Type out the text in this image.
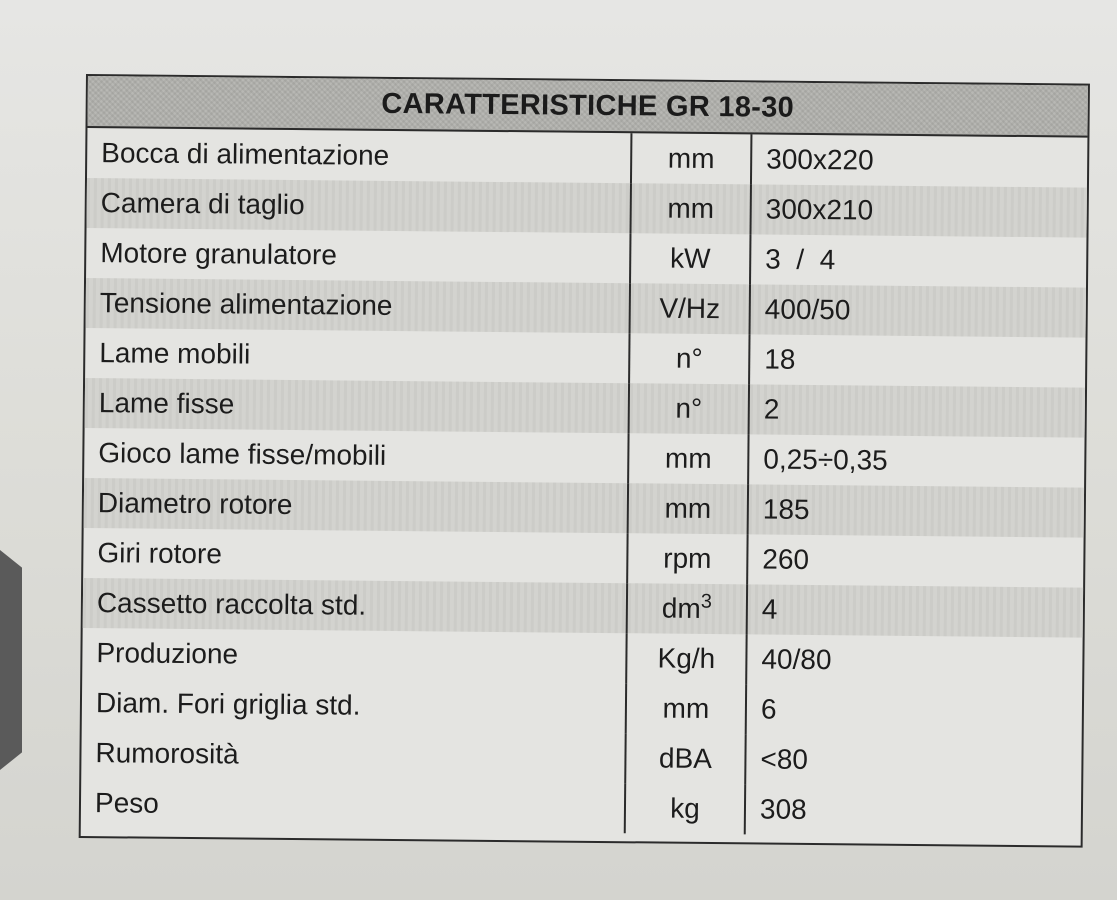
CARATTERISTICHE GR 18-30
Bocca di alimentazione	mm	300x220
Camera di taglio	mm	300x210
Motore granulatore	kW	3  /  4
Tensione alimentazione	V/Hz	400/50
Lame mobili	n°	18
Lame fisse	n°	2
Gioco lame fisse/mobili	mm	0,25÷0,35
Diametro rotore	mm	185
Giri rotore	rpm	260
Cassetto raccolta std.	$dm^3$	4
Produzione	Kg/h	40/80
Diam. Fori griglia std.	mm	6
Rumorosità	dBA	<80
Peso	kg	308
